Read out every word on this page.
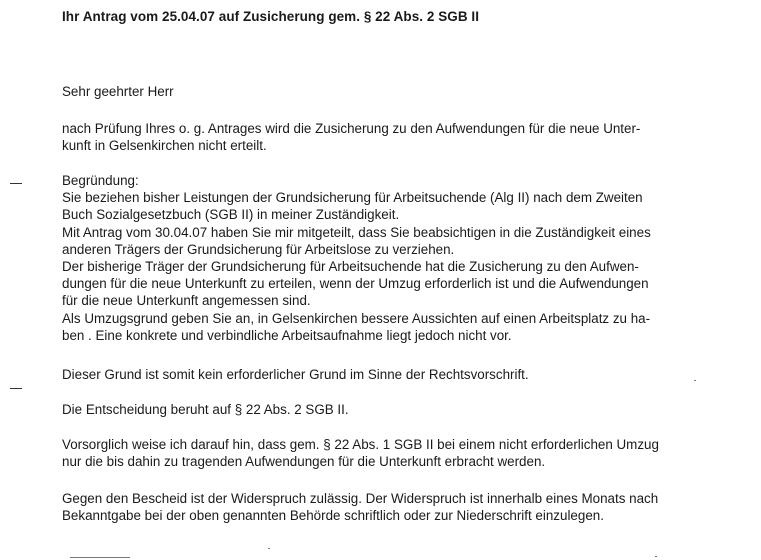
Ihr Antrag vom 25.04.07 auf Zusicherung gem. § 22 Abs. 2 SGB II
Sehr geehrter Herr
nach Prüfung Ihres o. g. Antrages wird die Zusicherung zu den Aufwendungen für die neue Unter-
kunft in Gelsenkirchen nicht erteilt.
Begründung:
Sie beziehen bisher Leistungen der Grundsicherung für Arbeitsuchende (Alg II) nach dem Zweiten
Buch Sozialgesetzbuch (SGB II) in meiner Zuständigkeit.
Mit Antrag vom 30.04.07 haben Sie mir mitgeteilt, dass Sie beabsichtigen in die Zuständigkeit eines
anderen Trägers der Grundsicherung für Arbeitslose zu verziehen.
Der bisherige Träger der Grundsicherung für Arbeitsuchende hat die Zusicherung zu den Aufwen-
dungen für die neue Unterkunft zu erteilen, wenn der Umzug erforderlich ist und die Aufwendungen
für die neue Unterkunft angemessen sind.
Als Umzugsgrund geben Sie an, in Gelsenkirchen bessere Aussichten auf einen Arbeitsplatz zu ha-
ben . Eine konkrete und verbindliche Arbeitsaufnahme liegt jedoch nicht vor.
Dieser Grund ist somit kein erforderlicher Grund im Sinne der Rechtsvorschrift.
Die Entscheidung beruht auf § 22 Abs. 2 SGB II.
Vorsorglich weise ich darauf hin, dass gem. § 22 Abs. 1 SGB II bei einem nicht erforderlichen Umzug
nur die bis dahin zu tragenden Aufwendungen für die Unterkunft erbracht werden.
Gegen den Bescheid ist der Widerspruch zulässig. Der Widerspruch ist innerhalb eines Monats nach
Bekanntgabe bei der oben genannten Behörde schriftlich oder zur Niederschrift einzulegen.
